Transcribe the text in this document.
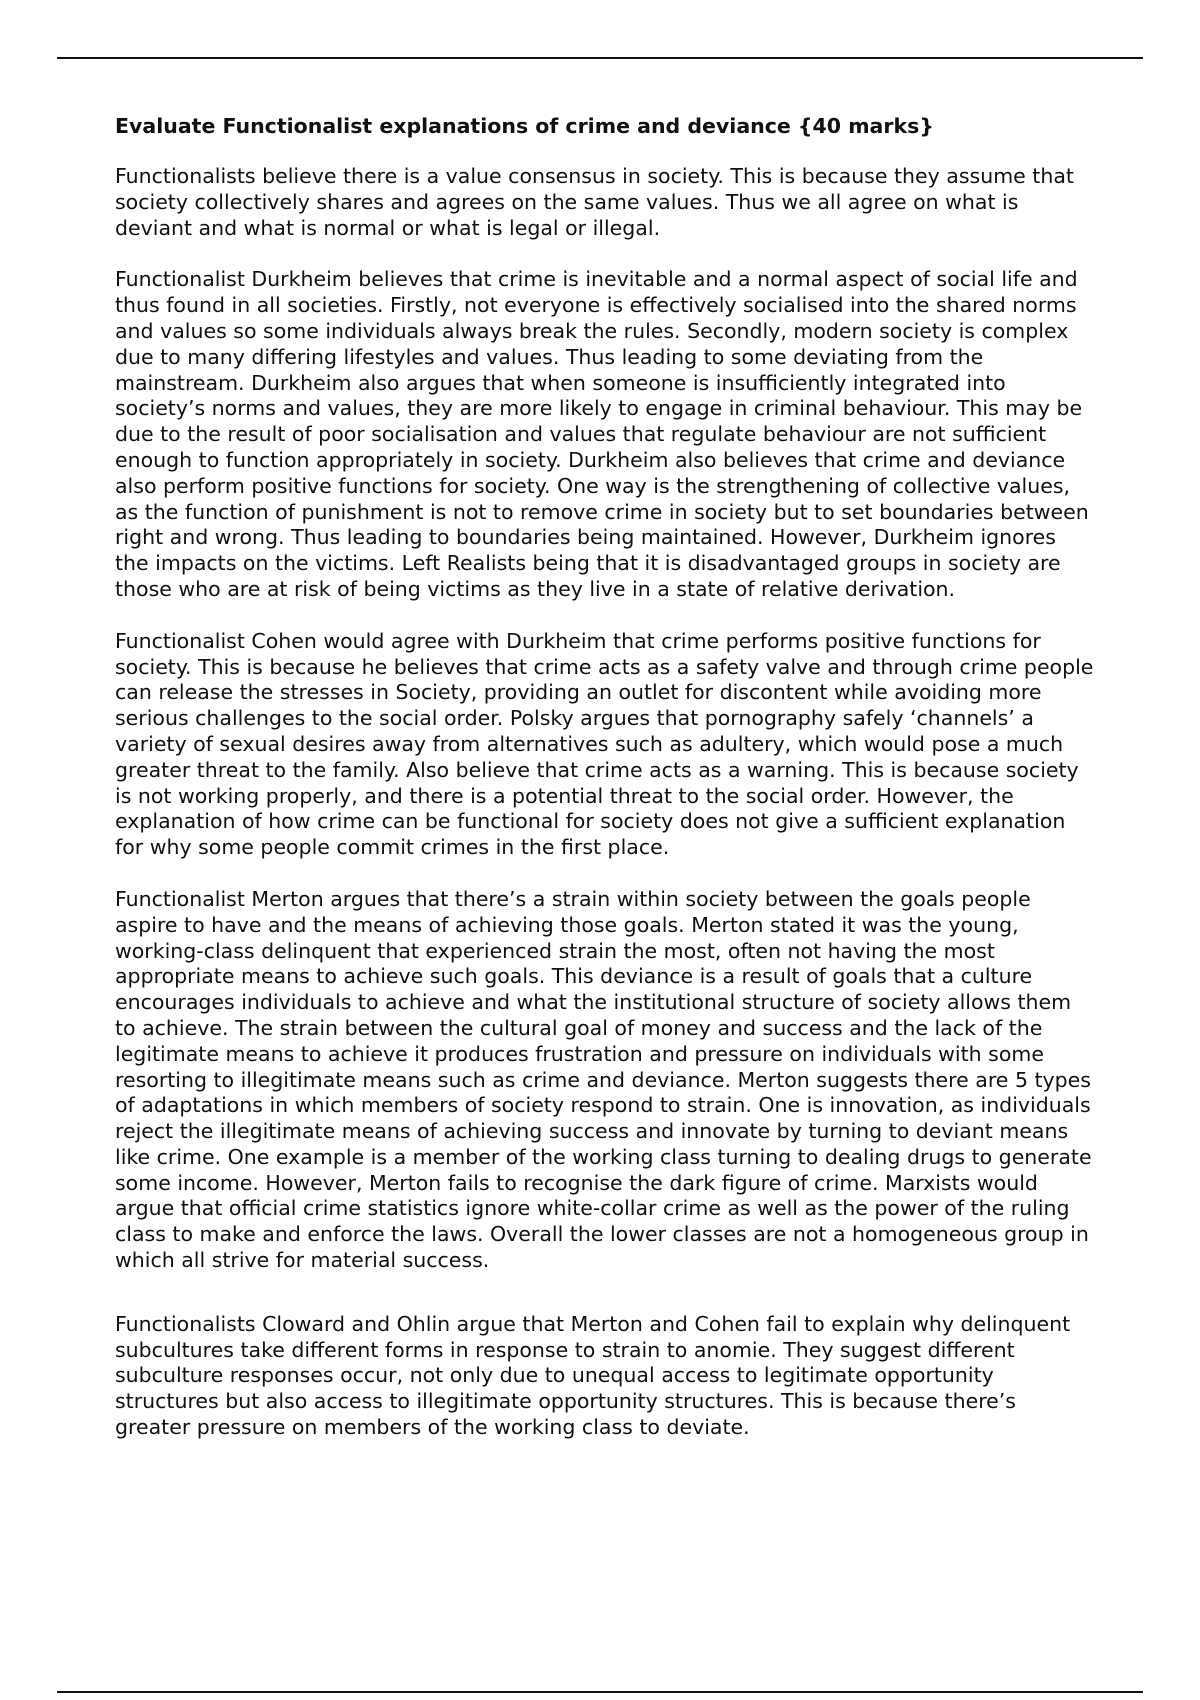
Evaluate Functionalist explanations of crime and deviance {40 marks}

Functionalists believe there is a value consensus in society. This is because they assume that society collectively shares and agrees on the same values. Thus we all agree on what is deviant and what is normal or what is legal or illegal.

Functionalist Durkheim believes that crime is inevitable and a normal aspect of social life and thus found in all societies. Firstly, not everyone is effectively socialised into the shared norms and values so some individuals always break the rules. Secondly, modern society is complex due to many differing lifestyles and values. Thus leading to some deviating from the mainstream. Durkheim also argues that when someone is insufficiently integrated into society’s norms and values, they are more likely to engage in criminal behaviour. This may be due to the result of poor socialisation and values that regulate behaviour are not sufficient enough to function appropriately in society. Durkheim also believes that crime and deviance also perform positive functions for society. One way is the strengthening of collective values, as the function of punishment is not to remove crime in society but to set boundaries between right and wrong. Thus leading to boundaries being maintained. However, Durkheim ignores the impacts on the victims. Left Realists being that it is disadvantaged groups in society are those who are at risk of being victims as they live in a state of relative derivation.

Functionalist Cohen would agree with Durkheim that crime performs positive functions for society. This is because he believes that crime acts as a safety valve and through crime people can release the stresses in Society, providing an outlet for discontent while avoiding more serious challenges to the social order. Polsky argues that pornography safely ‘channels’ a variety of sexual desires away from alternatives such as adultery, which would pose a much greater threat to the family. Also believe that crime acts as a warning. This is because society is not working properly, and there is a potential threat to the social order. However, the explanation of how crime can be functional for society does not give a sufficient explanation for why some people commit crimes in the first place.

Functionalist Merton argues that there’s a strain within society between the goals people aspire to have and the means of achieving those goals. Merton stated it was the young, working-class delinquent that experienced strain the most, often not having the most appropriate means to achieve such goals. This deviance is a result of goals that a culture encourages individuals to achieve and what the institutional structure of society allows them to achieve. The strain between the cultural goal of money and success and the lack of the legitimate means to achieve it produces frustration and pressure on individuals with some resorting to illegitimate means such as crime and deviance. Merton suggests there are 5 types of adaptations in which members of society respond to strain. One is innovation, as individuals reject the illegitimate means of achieving success and innovate by turning to deviant means like crime. One example is a member of the working class turning to dealing drugs to generate some income. However, Merton fails to recognise the dark figure of crime. Marxists would argue that official crime statistics ignore white-collar crime as well as the power of the ruling class to make and enforce the laws. Overall the lower classes are not a homogeneous group in which all strive for material success.

Functionalists Cloward and Ohlin argue that Merton and Cohen fail to explain why delinquent subcultures take different forms in response to strain to anomie. They suggest different subculture responses occur, not only due to unequal access to legitimate opportunity structures but also access to illegitimate opportunity structures. This is because there’s greater pressure on members of the working class to deviate.
